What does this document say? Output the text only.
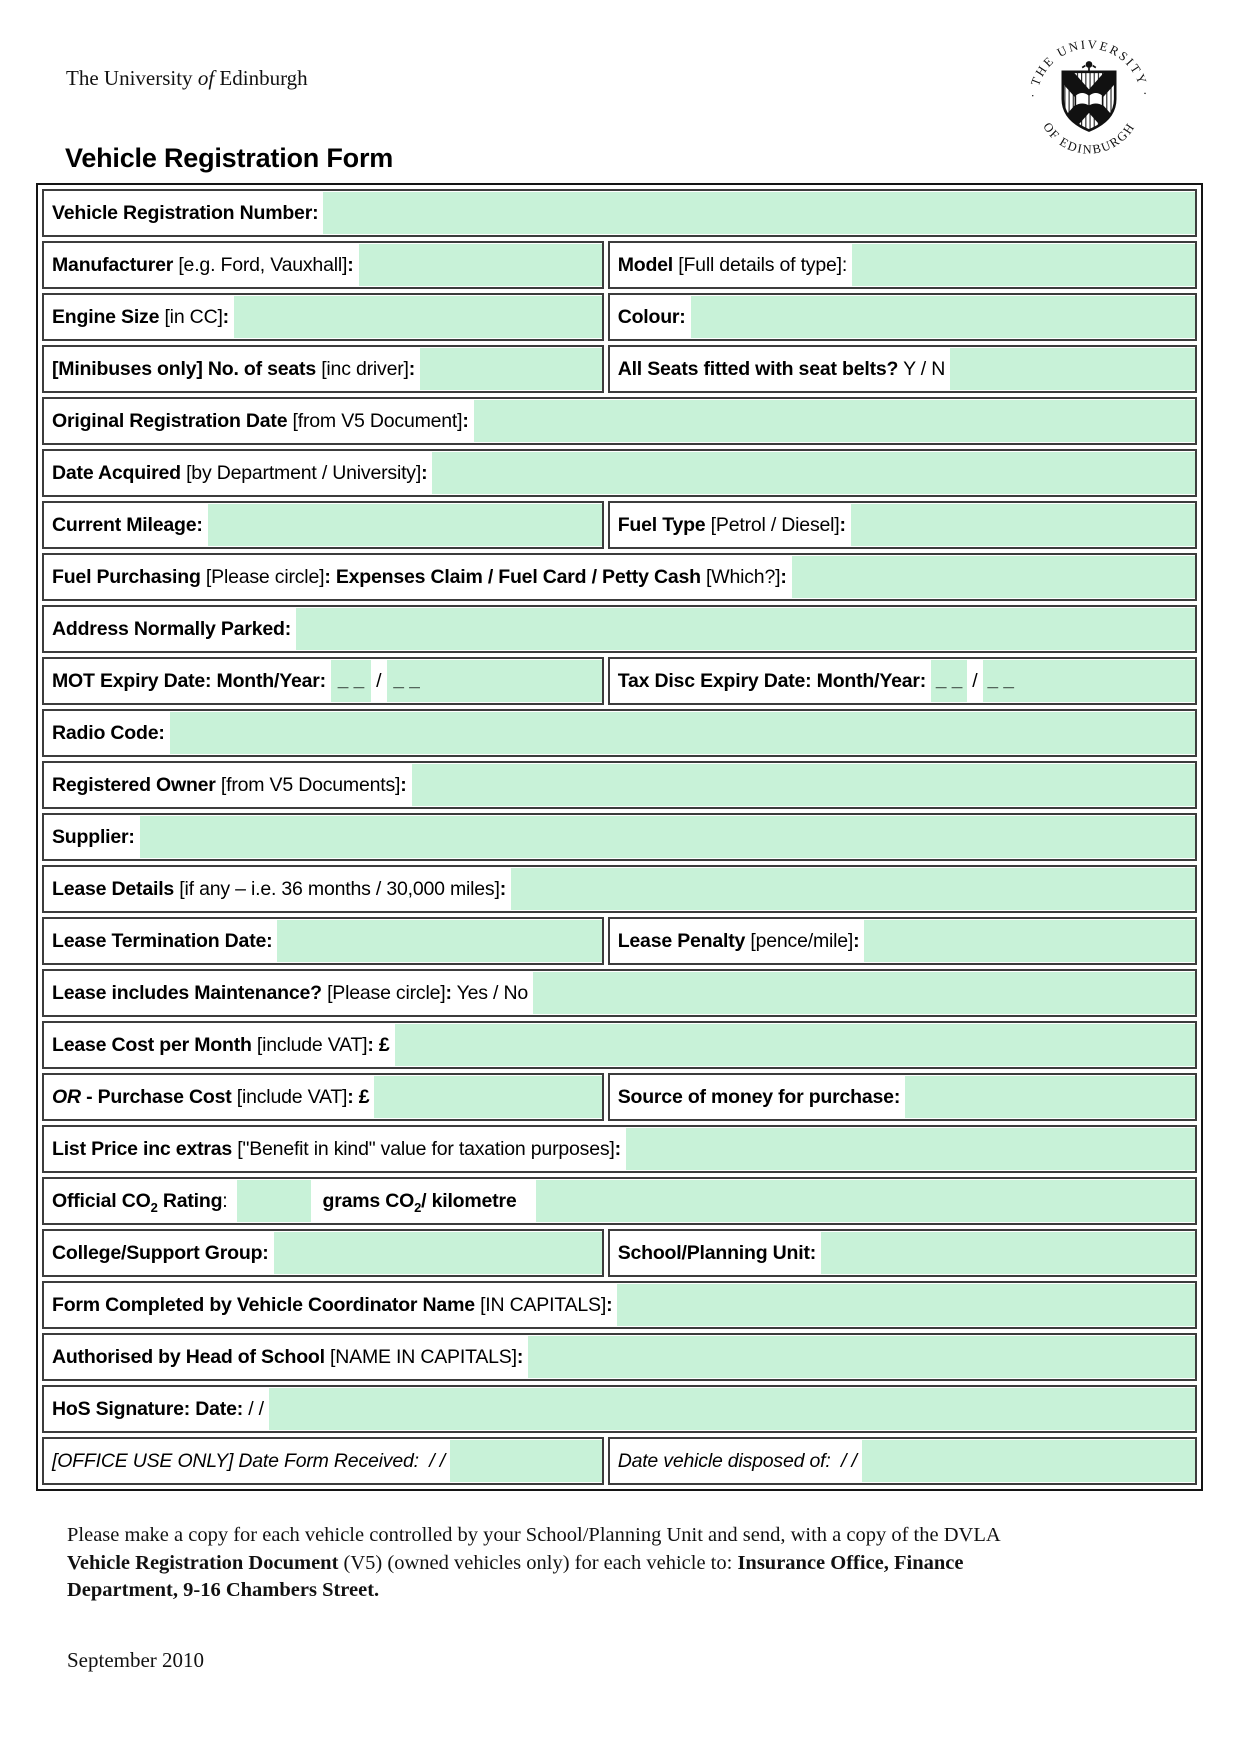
The University of Edinburgh
· THE UNIVERSITY ·
OF EDINBURGH
Vehicle Registration Form
Vehicle Registration Number:	

Manufacturer [e.g. Ford, Vauxhall] :	Model [Full details of type]:

Engine Size [in CC] :	Colour:

[Minibuses only] No. of seats [inc driver] :	All Seats fitted with seat belts? Y / N

Original Registration Date [from V5 Document] :	

Date Acquired [by Department / University] :	

Current Mileage:	Fuel Type [Petrol / Diesel] :

Fuel Purchasing [Please circle] : Expenses Claim / Fuel Card / Petty Cash [Which?] :

Address Normally Parked:	

MOT Expiry Date: Month/Year: _ _ / _ _	Tax Disc Expiry Date: Month/Year: _ _ / _ _

Radio Code:	

Registered Owner [from V5 Documents] :	

Supplier:	

Lease Details [if any – i.e. 36 months / 30,000 miles] :	

Lease Termination Date:	Lease Penalty [pence/mile] :

Lease includes Maintenance? [Please circle] : Yes / No	

Lease Cost per Month [include VAT] : £	

OR - Purchase Cost [include VAT] : £	Source of money for purchase:

List Price inc extras ["Benefit in kind" value for taxation purposes] :	

Official CO 2 Rating :	grams CO 2 / kilometre

College/Support Group:	School/Planning Unit:

Form Completed by Vehicle Coordinator Name [IN CAPITALS] :	

Authorised by Head of School [NAME IN CAPITALS] :	

HoS Signature: Date: / /	

[OFFICE USE ONLY] Date Form Received:  / /	Date vehicle disposed of:  / /
Please make a copy for each vehicle controlled by your School/Planning Unit and send, with a copy of the DVLA
Vehicle Registration Document (V5) (owned vehicles only) for each vehicle to: Insurance Office, Finance
Department, 9-16 Chambers Street.
September 2010
